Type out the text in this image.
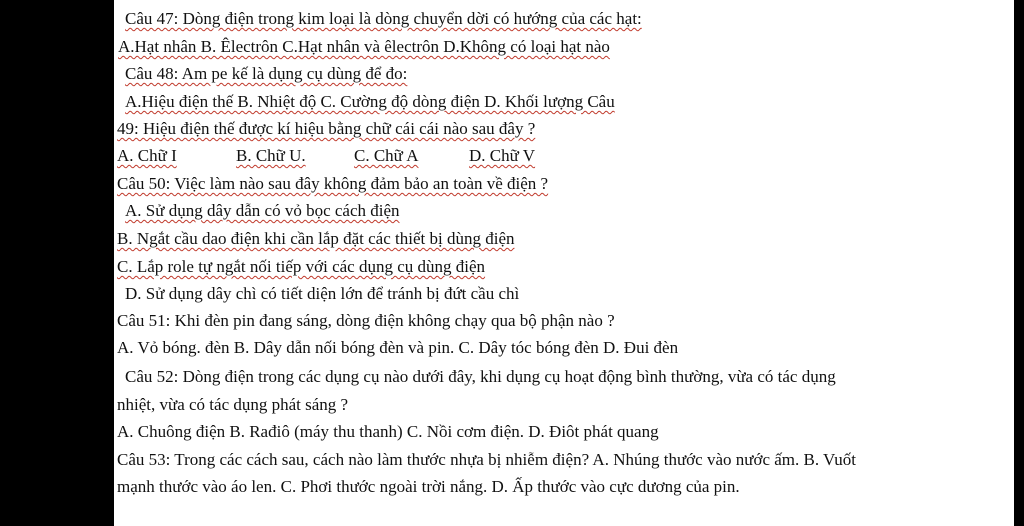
Câu 47: Dòng điện trong kim loại là dòng chuyển dời có hướng của các hạt:
A.Hạt nhân B. Êlectrôn C.Hạt nhân và êlectrôn D.Không có loại hạt nào
Câu 48: Am pe kế là dụng cụ dùng để đo:
A.Hiệu điện thế B. Nhiệt độ C. Cường độ dòng điện D. Khối lượng Câu
49: Hiệu điện thế được kí hiệu bằng chữ cái cái nào sau đây ?
A. Chữ I	B. Chữ U.	C. Chữ A	D. Chữ V
Câu 50: Việc làm nào sau đây không đảm bảo an toàn về điện ?
A. Sử dụng dây dẫn có vỏ bọc cách điện
B. Ngắt cầu dao điện khi cần lắp đặt các thiết bị dùng điện
C. Lắp role tự ngắt nối tiếp với các dụng cụ dùng điện
D. Sử dụng dây chì có tiết diện lớn để tránh bị đứt cầu chì
Câu 51: Khi đèn pin đang sáng, dòng điện không chạy qua bộ phận nào ?
A. Vỏ bóng. đèn B. Dây dẫn nối bóng đèn và pin. C. Dây tóc bóng đèn D. Đui đèn
Câu 52: Dòng điện trong các dụng cụ nào dưới đây, khi dụng cụ hoạt động bình thường, vừa có tác dụng
nhiệt, vừa có tác dụng phát sáng ?
A. Chuông điện B. Rađiô (máy thu thanh) C. Nồi cơm điện. D. Điôt phát quang
Câu 53: Trong các cách sau, cách nào làm thước nhựa bị nhiễm điện? A. Nhúng thước vào nước ấm. B. Vuốt
mạnh thước vào áo len. C. Phơi thước ngoài trời nắng. D. Ấp thước vào cực dương của pin.
